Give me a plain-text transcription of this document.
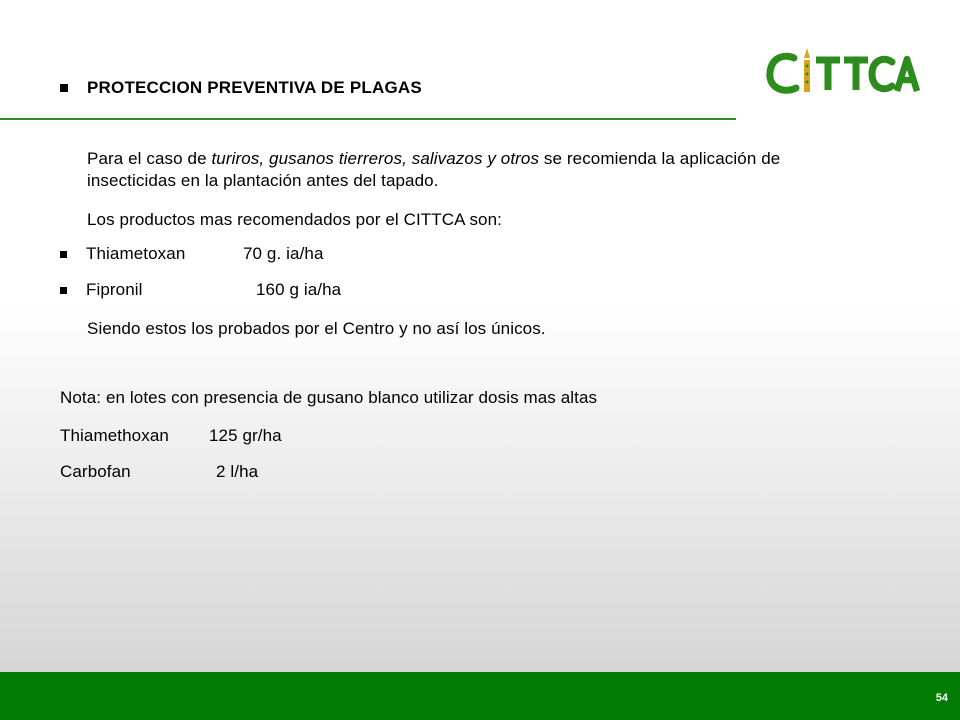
PROTECCION PREVENTIVA DE PLAGAS
Para el caso de turiros, gusanos tierreros, salivazos y otros se recomienda la aplicación de insecticidas en la plantación antes del tapado.
Los productos mas recomendados por el CITTCA son:
Thiametoxan	70 g. ia/ha
Fipronil	160 g ia/ha
Siendo estos los probados por el Centro y no así los únicos.
Nota: en lotes con presencia de gusano blanco utilizar dosis mas altas
Thiamethoxan 125 gr/ha
Carbofan	2 l/ha
54
